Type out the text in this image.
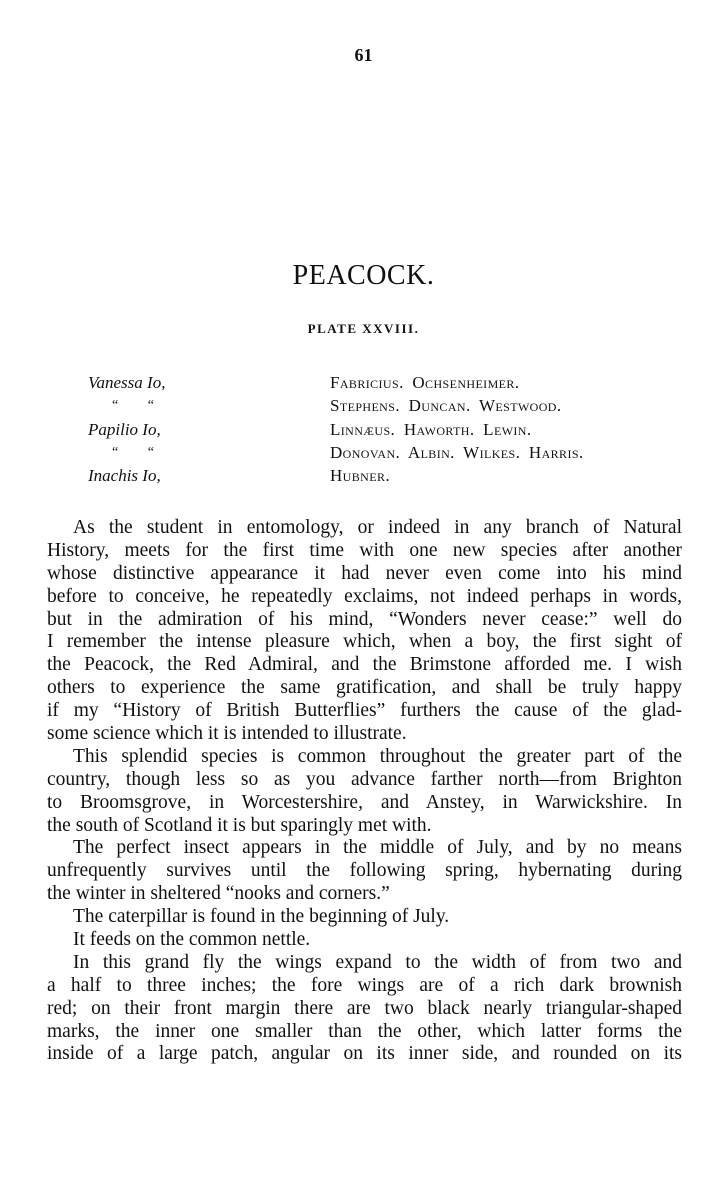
61
PEACOCK.
PLATE XXVIII.
Vanessa Io,	Fabricius. Ochsenheimer.
“ “	Stephens. Duncan. Westwood.
Papilio Io,	Linnæus. Haworth. Lewin.
“ “	Donovan. Albin. Wilkes. Harris.
Inachis Io,	Hubner.
As the student in entomology, or indeed in any branch of Natural
History, meets for the first time with one new species after another
whose distinctive appearance it had never even come into his mind
before to conceive, he repeatedly exclaims, not indeed perhaps in words,
but in the admiration of his mind, “Wonders never cease:” well do
I remember the intense pleasure which, when a boy, the first sight of
the Peacock, the Red Admiral, and the Brimstone afforded me. I wish
others to experience the same gratification, and shall be truly happy
if my “History of British Butterflies” furthers the cause of the glad-
some science which it is intended to illustrate.
This splendid species is common throughout the greater part of the
country, though less so as you advance farther north—from Brighton
to Broomsgrove, in Worcestershire, and Anstey, in Warwickshire. In
the south of Scotland it is but sparingly met with.
The perfect insect appears in the middle of July, and by no means
unfrequently survives until the following spring, hybernating during
the winter in sheltered “nooks and corners.”
The caterpillar is found in the beginning of July.
It feeds on the common nettle.
In this grand fly the wings expand to the width of from two and
a half to three inches; the fore wings are of a rich dark brownish
red; on their front margin there are two black nearly triangular-shaped
marks, the inner one smaller than the other, which latter forms the
inside of a large patch, angular on its inner side, and rounded on its
